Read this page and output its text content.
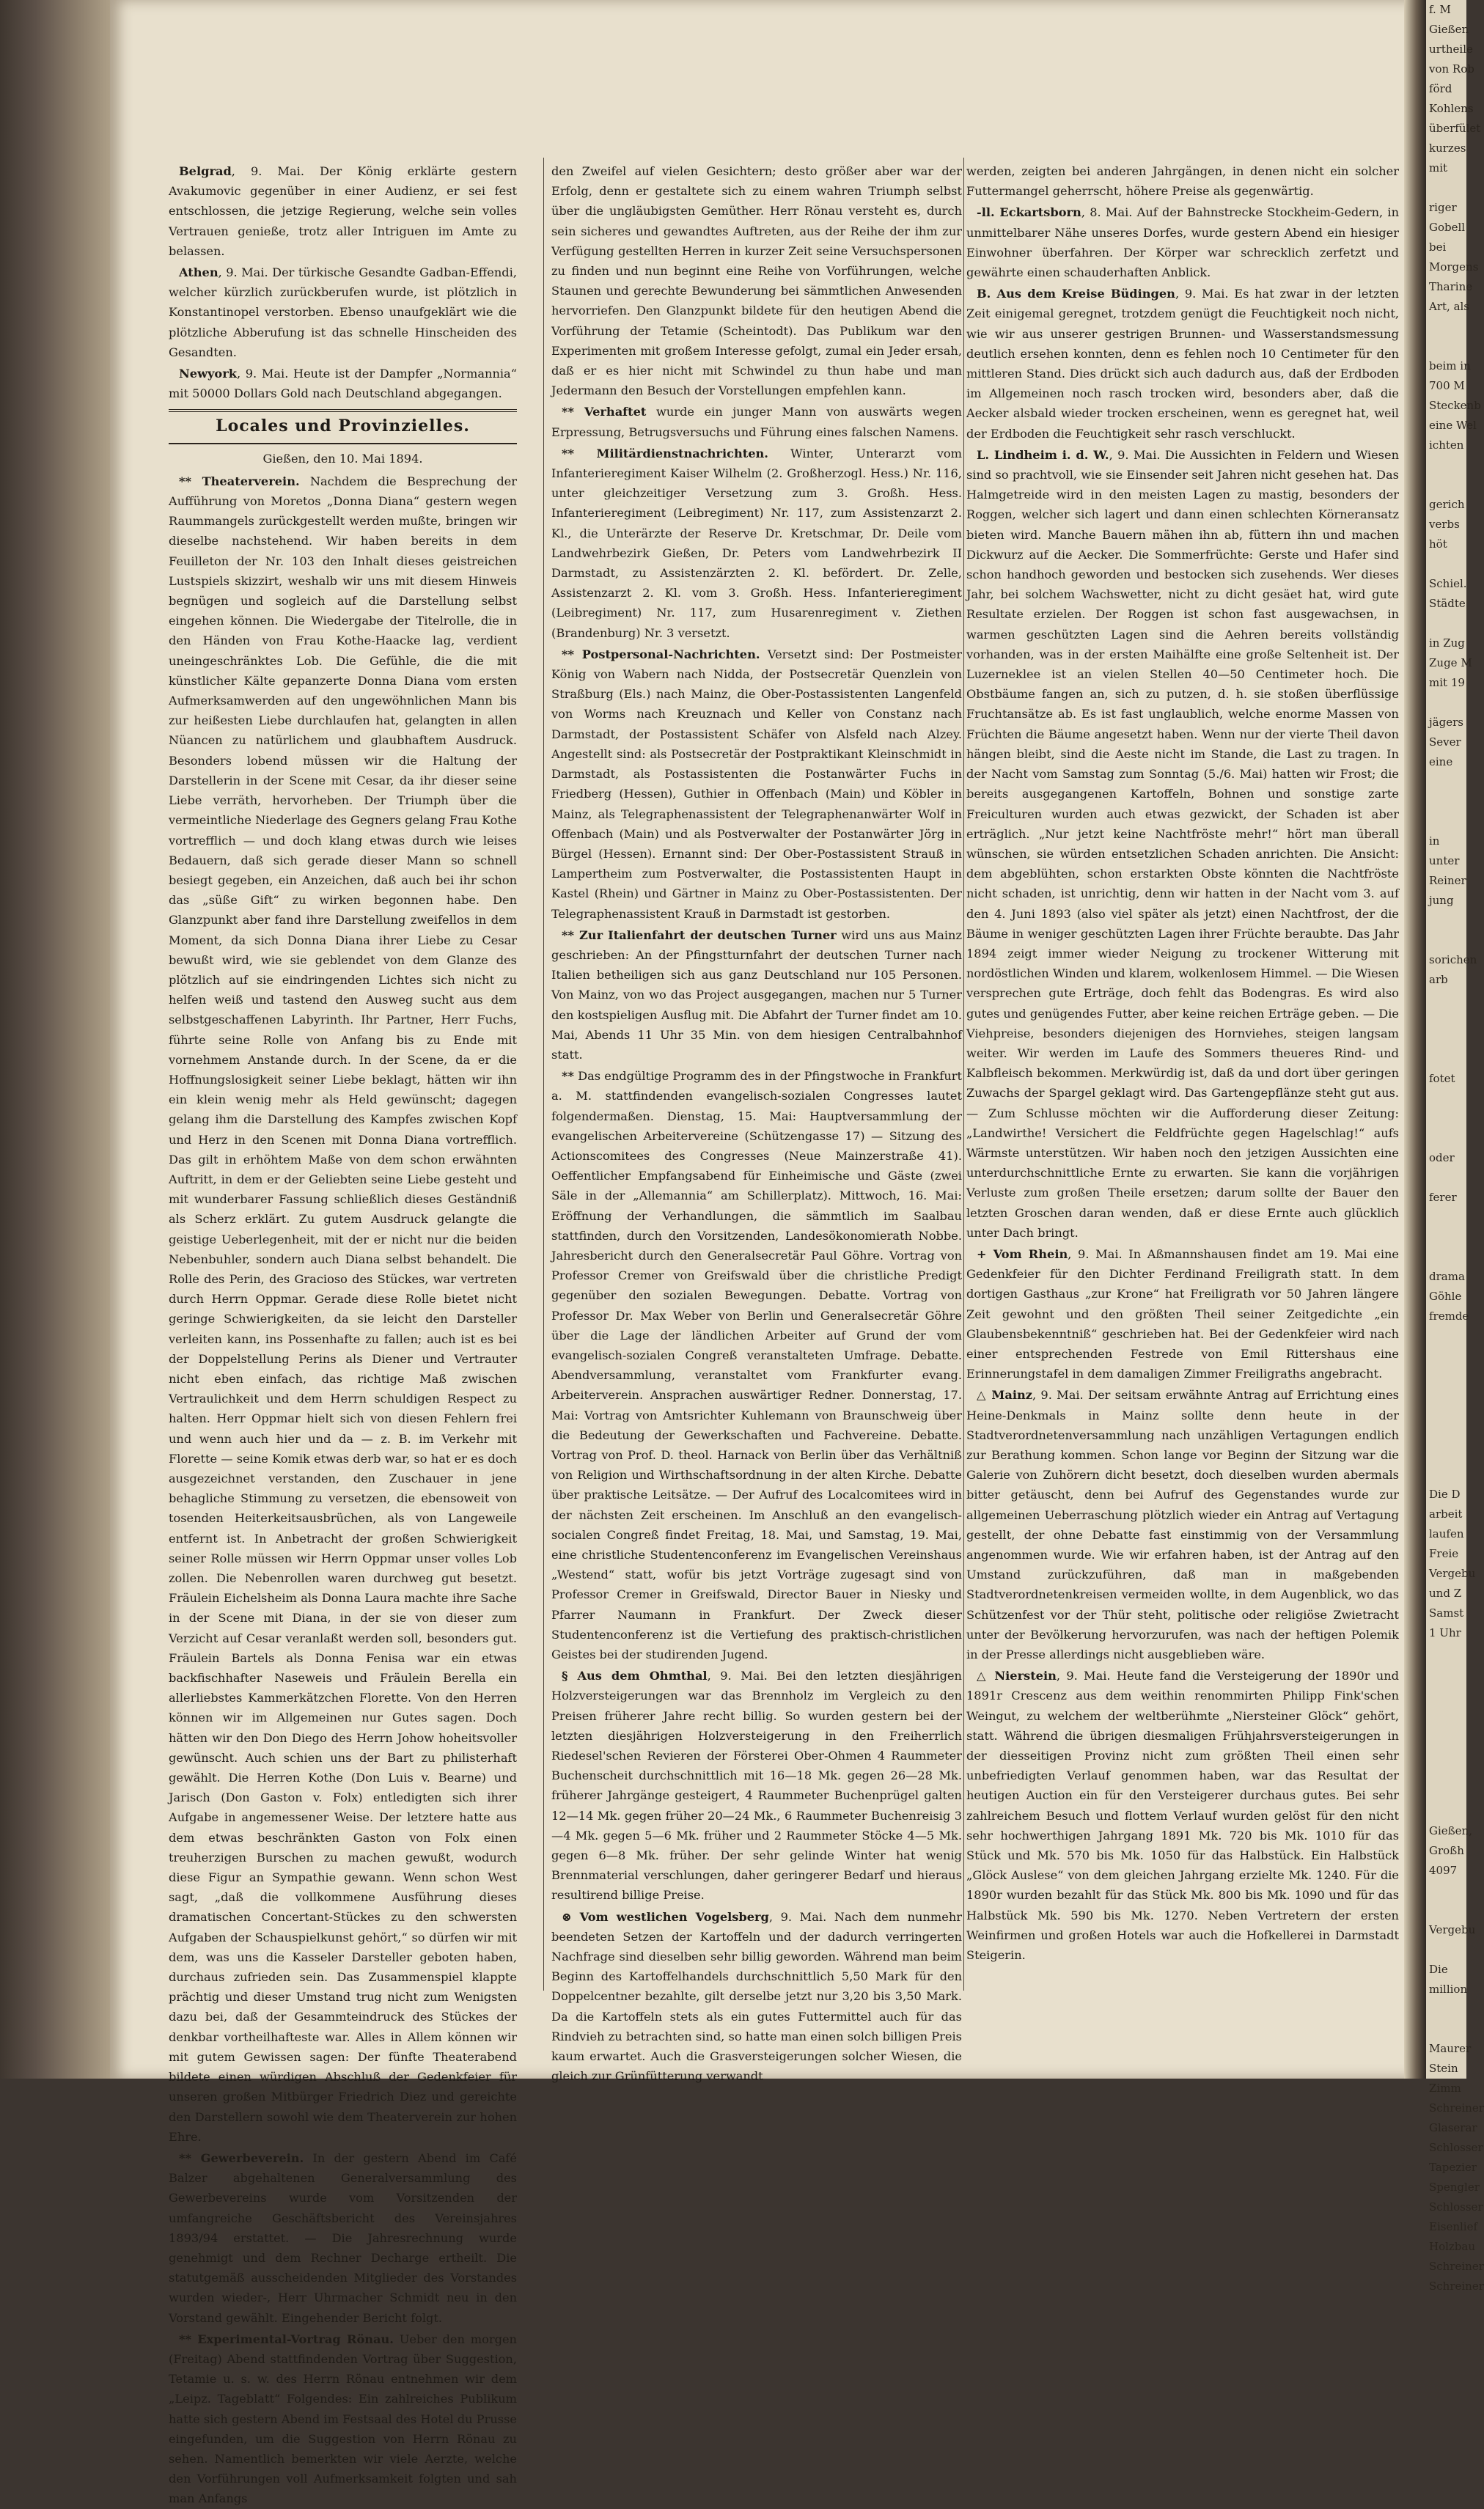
Belgrad, 9. Mai. Der König erklärte gestern Avakumovic gegenüber in einer Audienz, er sei fest entschlossen, die jetzige Regierung, welche sein volles Vertrauen genieße, trotz aller Intriguen im Amte zu belassen.

Athen, 9. Mai. Der türkische Gesandte Gadban-Effendi, welcher kürzlich zurückberufen wurde, ist plötzlich in Konstantinopel verstorben. Ebenso unaufgeklärt wie die plötzliche Abberufung ist das schnelle Hinscheiden des Gesandten.

Newyork, 9. Mai. Heute ist der Dampfer „Normannia“ mit 50000 Dollars Gold nach Deutschland abgegangen.

Locales und Provinzielles.
Gießen, den 10. Mai 1894.

** Theaterverein. Nachdem die Besprechung der Aufführung von Moretos „Donna Diana“ gestern wegen Raummangels zurückgestellt werden mußte, bringen wir dieselbe nachstehend. Wir haben bereits in dem Feuilleton der Nr. 103 den Inhalt dieses geistreichen Lustspiels skizzirt, weshalb wir uns mit diesem Hinweis begnügen und sogleich auf die Darstellung selbst eingehen können. Die Wiedergabe der Titelrolle, die in den Händen von Frau Kothe-Haacke lag, verdient uneingeschränktes Lob. Die Gefühle, die die mit künstlicher Kälte gepanzerte Donna Diana vom ersten Aufmerksamwerden auf den ungewöhnlichen Mann bis zur heißesten Liebe durchlaufen hat, gelangten in allen Nüancen zu natürlichem und glaubhaftem Ausdruck. Besonders lobend müssen wir die Haltung der Darstellerin in der Scene mit Cesar, da ihr dieser seine Liebe verräth, hervorheben. Der Triumph über die vermeintliche Niederlage des Gegners gelang Frau Kothe vortrefflich — und doch klang etwas durch wie leises Bedauern, daß sich gerade dieser Mann so schnell besiegt gegeben, ein Anzeichen, daß auch bei ihr schon das „süße Gift“ zu wirken begonnen habe. Den Glanzpunkt aber fand ihre Darstellung zweifellos in dem Moment, da sich Donna Diana ihrer Liebe zu Cesar bewußt wird, wie sie geblendet von dem Glanze des plötzlich auf sie eindringenden Lichtes sich nicht zu helfen weiß und tastend den Ausweg sucht aus dem selbstgeschaffenen Labyrinth. Ihr Partner, Herr Fuchs, führte seine Rolle von Anfang bis zu Ende mit vornehmem Anstande durch. In der Scene, da er die Hoffnungslosigkeit seiner Liebe beklagt, hätten wir ihn ein klein wenig mehr als Held gewünscht; dagegen gelang ihm die Darstellung des Kampfes zwischen Kopf und Herz in den Scenen mit Donna Diana vortrefflich. Das gilt in erhöhtem Maße von dem schon erwähnten Auftritt, in dem er der Geliebten seine Liebe gesteht und mit wunderbarer Fassung schließlich dieses Geständniß als Scherz erklärt. Zu gutem Ausdruck gelangte die geistige Ueberlegenheit, mit der er nicht nur die beiden Nebenbuhler, sondern auch Diana selbst behandelt. Die Rolle des Perin, des Gracioso des Stückes, war vertreten durch Herrn Oppmar. Gerade diese Rolle bietet nicht geringe Schwierigkeiten, da sie leicht den Darsteller verleiten kann, ins Possenhafte zu fallen; auch ist es bei der Doppelstellung Perins als Diener und Vertrauter nicht eben einfach, das richtige Maß zwischen Vertraulichkeit und dem Herrn schuldigen Respect zu halten. Herr Oppmar hielt sich von diesen Fehlern frei und wenn auch hier und da — z. B. im Verkehr mit Florette — seine Komik etwas derb war, so hat er es doch ausgezeichnet verstanden, den Zuschauer in jene behagliche Stimmung zu versetzen, die ebensoweit von tosenden Heiterkeitsausbrüchen, als von Langeweile entfernt ist. In Anbetracht der großen Schwierigkeit seiner Rolle müssen wir Herrn Oppmar unser volles Lob zollen. Die Nebenrollen waren durchweg gut besetzt. Fräulein Eichelsheim als Donna Laura machte ihre Sache in der Scene mit Diana, in der sie von dieser zum Verzicht auf Cesar veranlaßt werden soll, besonders gut. Fräulein Bartels als Donna Fenisa war ein etwas backfischhafter Naseweis und Fräulein Berella ein allerliebstes Kammerkätzchen Florette. Von den Herren können wir im Allgemeinen nur Gutes sagen. Doch hätten wir den Don Diego des Herrn Johow hoheitsvoller gewünscht. Auch schien uns der Bart zu philisterhaft gewählt. Die Herren Kothe (Don Luis v. Bearne) und Jarisch (Don Gaston v. Folx) entledigten sich ihrer Aufgabe in angemessener Weise. Der letztere hatte aus dem etwas beschränkten Gaston von Folx einen treuherzigen Burschen zu machen gewußt, wodurch diese Figur an Sympathie gewann. Wenn schon West sagt, „daß die vollkommene Ausführung dieses dramatischen Concertant-Stückes zu den schwersten Aufgaben der Schauspielkunst gehört,“ so dürfen wir mit dem, was uns die Kasseler Darsteller geboten haben, durchaus zufrieden sein. Das Zusammenspiel klappte prächtig und dieser Umstand trug nicht zum Wenigsten dazu bei, daß der Gesammteindruck des Stückes der denkbar vortheilhafteste war. Alles in Allem können wir mit gutem Gewissen sagen: Der fünfte Theaterabend bildete einen würdigen Abschluß der Gedenkfeier für unseren großen Mitbürger Friedrich Diez und gereichte den Darstellern sowohl wie dem Theaterverein zur hohen Ehre.

** Gewerbeverein. In der gestern Abend im Café Balzer abgehaltenen Generalversammlung des Gewerbevereins wurde vom Vorsitzenden der umfangreiche Geschäftsbericht des Vereinsjahres 1893/94 erstattet. — Die Jahresrechnung wurde genehmigt und dem Rechner Decharge ertheilt. Die statutgemäß ausscheidenden Mitglieder des Vorstandes wurden wieder-, Herr Uhrmacher Schmidt neu in den Vorstand gewählt. Eingehender Bericht folgt.

** Experimental-Vortrag Rönau. Ueber den morgen (Freitag) Abend stattfindenden Vortrag über Suggestion, Tetamie u. s. w. des Herrn Rönau entnehmen wir dem „Leipz. Tageblatt“ Folgendes: Ein zahlreiches Publikum hatte sich gestern Abend im Festsaal des Hotel du Prusse eingefunden, um die Suggestion von Herrn Rönau zu sehen. Namentlich bemerkten wir viele Aerzte, welche den Vorführungen voll Aufmerksamkeit folgten und sah man Anfangs

den Zweifel auf vielen Gesichtern; desto größer aber war der Erfolg, denn er gestaltete sich zu einem wahren Triumph selbst über die ungläubigsten Gemüther. Herr Rönau versteht es, durch sein sicheres und gewandtes Auftreten, aus der Reihe der ihm zur Verfügung gestellten Herren in kurzer Zeit seine Versuchspersonen zu finden und nun beginnt eine Reihe von Vorführungen, welche Staunen und gerechte Bewunderung bei sämmtlichen Anwesenden hervorriefen. Den Glanzpunkt bildete für den heutigen Abend die Vorführung der Tetamie (Scheintodt). Das Publikum war den Experimenten mit großem Interesse gefolgt, zumal ein Jeder ersah, daß er es hier nicht mit Schwindel zu thun habe und man Jedermann den Besuch der Vorstellungen empfehlen kann.

** Verhaftet wurde ein junger Mann von auswärts wegen Erpressung, Betrugsversuchs und Führung eines falschen Namens.

** Militärdienstnachrichten. Winter, Unterarzt vom Infanterieregiment Kaiser Wilhelm (2. Großherzogl. Hess.) Nr. 116, unter gleichzeitiger Versetzung zum 3. Großh. Hess. Infanterieregiment (Leibregiment) Nr. 117, zum Assistenzarzt 2. Kl., die Unterärzte der Reserve Dr. Kretschmar, Dr. Deile vom Landwehrbezirk Gießen, Dr. Peters vom Landwehrbezirk II Darmstadt, zu Assistenzärzten 2. Kl. befördert. Dr. Zelle, Assistenzarzt 2. Kl. vom 3. Großh. Hess. Infanterieregiment (Leibregiment) Nr. 117, zum Husarenregiment v. Ziethen (Brandenburg) Nr. 3 versetzt.

** Postpersonal-Nachrichten. Versetzt sind: Der Postmeister König von Wabern nach Nidda, der Postsecretär Quenzlein von Straßburg (Els.) nach Mainz, die Ober-Postassistenten Langenfeld von Worms nach Kreuznach und Keller von Constanz nach Darmstadt, der Postassistent Schäfer von Alsfeld nach Alzey. Angestellt sind: als Postsecretär der Postpraktikant Kleinschmidt in Darmstadt, als Postassistenten die Postanwärter Fuchs in Friedberg (Hessen), Guthier in Offenbach (Main) und Köbler in Mainz, als Telegraphenassistent der Telegraphenanwärter Wolf in Offenbach (Main) und als Postverwalter der Postanwärter Jörg in Bürgel (Hessen). Ernannt sind: Der Ober-Postassistent Strauß in Lampertheim zum Postverwalter, die Postassistenten Haupt in Kastel (Rhein) und Gärtner in Mainz zu Ober-Postassistenten. Der Telegraphenassistent Krauß in Darmstadt ist gestorben.

** Zur Italienfahrt der deutschen Turner wird uns aus Mainz geschrieben: An der Pfingstturnfahrt der deutschen Turner nach Italien betheiligen sich aus ganz Deutschland nur 105 Personen. Von Mainz, von wo das Project ausgegangen, machen nur 5 Turner den kostspieligen Ausflug mit. Die Abfahrt der Turner findet am 10. Mai, Abends 11 Uhr 35 Min. von dem hiesigen Centralbahnhof statt.

** Das endgültige Programm des in der Pfingstwoche in Frankfurt a. M. stattfindenden evangelisch-sozialen Congresses lautet folgendermaßen. Dienstag, 15. Mai: Hauptversammlung der evangelischen Arbeitervereine (Schützengasse 17) — Sitzung des Actionscomitees des Congresses (Neue Mainzerstraße 41). Oeffentlicher Empfangsabend für Einheimische und Gäste (zwei Säle in der „Allemannia“ am Schillerplatz). Mittwoch, 16. Mai: Eröffnung der Verhandlungen, die sämmtlich im Saalbau stattfinden, durch den Vorsitzenden, Landesökonomierath Nobbe. Jahresbericht durch den Generalsecretär Paul Göhre. Vortrag von Professor Cremer von Greifswald über die christliche Predigt gegenüber den sozialen Bewegungen. Debatte. Vortrag von Professor Dr. Max Weber von Berlin und Generalsecretär Göhre über die Lage der ländlichen Arbeiter auf Grund der vom evangelisch-sozialen Congreß veranstalteten Umfrage. Debatte. Abendversammlung, veranstaltet vom Frankfurter evang. Arbeiterverein. Ansprachen auswärtiger Redner. Donnerstag, 17. Mai: Vortrag von Amtsrichter Kuhlemann von Braunschweig über die Bedeutung der Gewerkschaften und Fachvereine. Debatte. Vortrag von Prof. D. theol. Harnack von Berlin über das Verhältniß von Religion und Wirthschaftsordnung in der alten Kirche. Debatte über praktische Leitsätze. — Der Aufruf des Localcomitees wird in der nächsten Zeit erscheinen. Im Anschluß an den evangelisch-socialen Congreß findet Freitag, 18. Mai, und Samstag, 19. Mai, eine christliche Studentenconferenz im Evangelischen Vereinshaus „Westend“ statt, wofür bis jetzt Vorträge zugesagt sind von Professor Cremer in Greifswald, Director Bauer in Niesky und Pfarrer Naumann in Frankfurt. Der Zweck dieser Studentenconferenz ist die Vertiefung des praktisch-christlichen Geistes bei der studirenden Jugend.

§ Aus dem Ohmthal, 9. Mai. Bei den letzten diesjährigen Holzversteigerungen war das Brennholz im Vergleich zu den Preisen früherer Jahre recht billig. So wurden gestern bei der letzten diesjährigen Holzversteigerung in den Freiherrlich Riedesel'schen Revieren der Försterei Ober-Ohmen 4 Raummeter Buchenscheit durchschnittlich mit 16—18 Mk. gegen 26—28 Mk. früherer Jahrgänge gesteigert, 4 Raummeter Buchenprügel galten 12—14 Mk. gegen früher 20—24 Mk., 6 Raummeter Buchenreisig 3—4 Mk. gegen 5—6 Mk. früher und 2 Raummeter Stöcke 4—5 Mk. gegen 6—8 Mk. früher. Der sehr gelinde Winter hat wenig Brennmaterial verschlungen, daher geringerer Bedarf und hieraus resultirend billige Preise.

⊗ Vom westlichen Vogelsberg, 9. Mai. Nach dem nunmehr beendeten Setzen der Kartoffeln und der dadurch verringerten Nachfrage sind dieselben sehr billig geworden. Während man beim Beginn des Kartoffelhandels durchschnittlich 5,50 Mark für den Doppelcentner bezahlte, gilt derselbe jetzt nur 3,20 bis 3,50 Mark. Da die Kartoffeln stets als ein gutes Futtermittel auch für das Rindvieh zu betrachten sind, so hatte man einen solch billigen Preis kaum erwartet. Auch die Grasversteigerungen solcher Wiesen, die gleich zur Grünfütterung verwandt

werden, zeigten bei anderen Jahrgängen, in denen nicht ein solcher Futtermangel geherrscht, höhere Preise als gegenwärtig.

-ll. Eckartsborn, 8. Mai. Auf der Bahnstrecke Stockheim-Gedern, in unmittelbarer Nähe unseres Dorfes, wurde gestern Abend ein hiesiger Einwohner überfahren. Der Körper war schrecklich zerfetzt und gewährte einen schauderhaften Anblick.

B. Aus dem Kreise Büdingen, 9. Mai. Es hat zwar in der letzten Zeit einigemal geregnet, trotzdem genügt die Feuchtigkeit noch nicht, wie wir aus unserer gestrigen Brunnen- und Wasserstandsmessung deutlich ersehen konnten, denn es fehlen noch 10 Centimeter für den mittleren Stand. Dies drückt sich auch dadurch aus, daß der Erdboden im Allgemeinen noch rasch trocken wird, besonders aber, daß die Aecker alsbald wieder trocken erscheinen, wenn es geregnet hat, weil der Erdboden die Feuchtigkeit sehr rasch verschluckt.

L. Lindheim i. d. W., 9. Mai. Die Aussichten in Feldern und Wiesen sind so prachtvoll, wie sie Einsender seit Jahren nicht gesehen hat. Das Halmgetreide wird in den meisten Lagen zu mastig, besonders der Roggen, welcher sich lagert und dann einen schlechten Körneransatz bieten wird. Manche Bauern mähen ihn ab, füttern ihn und machen Dickwurz auf die Aecker. Die Sommerfrüchte: Gerste und Hafer sind schon handhoch geworden und bestocken sich zusehends. Wer dieses Jahr, bei solchem Wachswetter, nicht zu dicht gesäet hat, wird gute Resultate erzielen. Der Roggen ist schon fast ausgewachsen, in warmen geschützten Lagen sind die Aehren bereits vollständig vorhanden, was in der ersten Maihälfte eine große Seltenheit ist. Der Luzerneklee ist an vielen Stellen 40—50 Centimeter hoch. Die Obstbäume fangen an, sich zu putzen, d. h. sie stoßen überflüssige Fruchtansätze ab. Es ist fast unglaublich, welche enorme Massen von Früchten die Bäume angesetzt haben. Wenn nur der vierte Theil davon hängen bleibt, sind die Aeste nicht im Stande, die Last zu tragen. In der Nacht vom Samstag zum Sonntag (5./6. Mai) hatten wir Frost; die bereits ausgegangenen Kartoffeln, Bohnen und sonstige zarte Freiculturen wurden auch etwas gezwickt, der Schaden ist aber erträglich. „Nur jetzt keine Nachtfröste mehr!“ hört man überall wünschen, sie würden entsetzlichen Schaden anrichten. Die Ansicht: dem abgeblühten, schon erstarkten Obste könnten die Nachtfröste nicht schaden, ist unrichtig, denn wir hatten in der Nacht vom 3. auf den 4. Juni 1893 (also viel später als jetzt) einen Nachtfrost, der die Bäume in weniger geschützten Lagen ihrer Früchte beraubte. Das Jahr 1894 zeigt immer wieder Neigung zu trockener Witterung mit nordöstlichen Winden und klarem, wolkenlosem Himmel. — Die Wiesen versprechen gute Erträge, doch fehlt das Bodengras. Es wird also gutes und genügendes Futter, aber keine reichen Erträge geben. — Die Viehpreise, besonders diejenigen des Hornviehes, steigen langsam weiter. Wir werden im Laufe des Sommers theueres Rind- und Kalbfleisch bekommen. Merkwürdig ist, daß da und dort über geringen Zuwachs der Spargel geklagt wird. Das Gartengepflänze steht gut aus. — Zum Schlusse möchten wir die Aufforderung dieser Zeitung: „Landwirthe! Versichert die Feldfrüchte gegen Hagelschlag!“ aufs Wärmste unterstützen. Wir haben noch den jetzigen Aussichten eine unterdurchschnittliche Ernte zu erwarten. Sie kann die vorjährigen Verluste zum großen Theile ersetzen; darum sollte der Bauer den letzten Groschen daran wenden, daß er diese Ernte auch glücklich unter Dach bringt.

+ Vom Rhein, 9. Mai. In Aßmannshausen findet am 19. Mai eine Gedenkfeier für den Dichter Ferdinand Freiligrath statt. In dem dortigen Gasthaus „zur Krone“ hat Freiligrath vor 50 Jahren längere Zeit gewohnt und den größten Theil seiner Zeitgedichte „ein Glaubensbekenntniß“ geschrieben hat. Bei der Gedenkfeier wird nach einer entsprechenden Festrede von Emil Rittershaus eine Erinnerungstafel in dem damaligen Zimmer Freiligraths angebracht.

△ Mainz, 9. Mai. Der seitsam erwähnte Antrag auf Errichtung eines Heine-Denkmals in Mainz sollte denn heute in der Stadtverordnetenversammlung nach unzähligen Vertagungen endlich zur Berathung kommen. Schon lange vor Beginn der Sitzung war die Galerie von Zuhörern dicht besetzt, doch dieselben wurden abermals bitter getäuscht, denn bei Aufruf des Gegenstandes wurde zur allgemeinen Ueberraschung plötzlich wieder ein Antrag auf Vertagung gestellt, der ohne Debatte fast einstimmig von der Versammlung angenommen wurde. Wie wir erfahren haben, ist der Antrag auf den Umstand zurückzuführen, daß man in maßgebenden Stadtverordnetenkreisen vermeiden wollte, in dem Augenblick, wo das Schützenfest vor der Thür steht, politische oder religiöse Zwietracht unter der Bevölkerung hervorzurufen, was nach der heftigen Polemik in der Presse allerdings nicht ausgeblieben wäre.

△ Nierstein, 9. Mai. Heute fand die Versteigerung der 1890r und 1891r Crescenz aus dem weithin renommirten Philipp Fink'schen Weingut, zu welchem der weltberühmte „Niersteiner Glöck“ gehört, statt. Während die übrigen diesmaligen Frühjahrsversteigerungen in der diesseitigen Provinz nicht zum größten Theil einen sehr unbefriedigten Verlauf genommen haben, war das Resultat der heutigen Auction ein für den Versteigerer durchaus gutes. Bei sehr zahlreichem Besuch und flottem Verlauf wurden gelöst für den nicht sehr hochwerthigen Jahrgang 1891 Mk. 720 bis Mk. 1010 für das Stück und Mk. 570 bis Mk. 1050 für das Halbstück. Ein Halbstück „Glöck Auslese“ von dem gleichen Jahrgang erzielte Mk. 1240. Für die 1890r wurden bezahlt für das Stück Mk. 800 bis Mk. 1090 und für das Halbstück Mk. 590 bis Mk. 1270. Neben Vertretern der ersten Weinfirmen und großen Hotels war auch die Hofkellerei in Darmstadt Steigerin.

f. M
Gießen
urtheile
von Rob
förd
Kohlens
überfület
kurzes
mit

riger
Gobell
bei
Morgens
Tharine
Art, als

beim in
700 M
Steckenb
eine Wel
ichten

gerich
verbs
höt

Schiel.
Städte

in Zug
Zuge M
mit 19

jägers
Sever
eine

in
unter
Reiner
jung

sorichen
arb

fotet

oder

ferer

drama
Göhle
fremde

Die D
arbeit
laufen
Freie
Vergebu
und Z
Samst
1 Uhr

Gießen,
Großh
4097

Vergebu

Die
million

Maurer
Stein
Zimm
Schreiner
Glaserar
Schlosser
Tapezier
Spengler
Schlosser
Eisenlief
Holzbau
Schreiner
Schreiner
